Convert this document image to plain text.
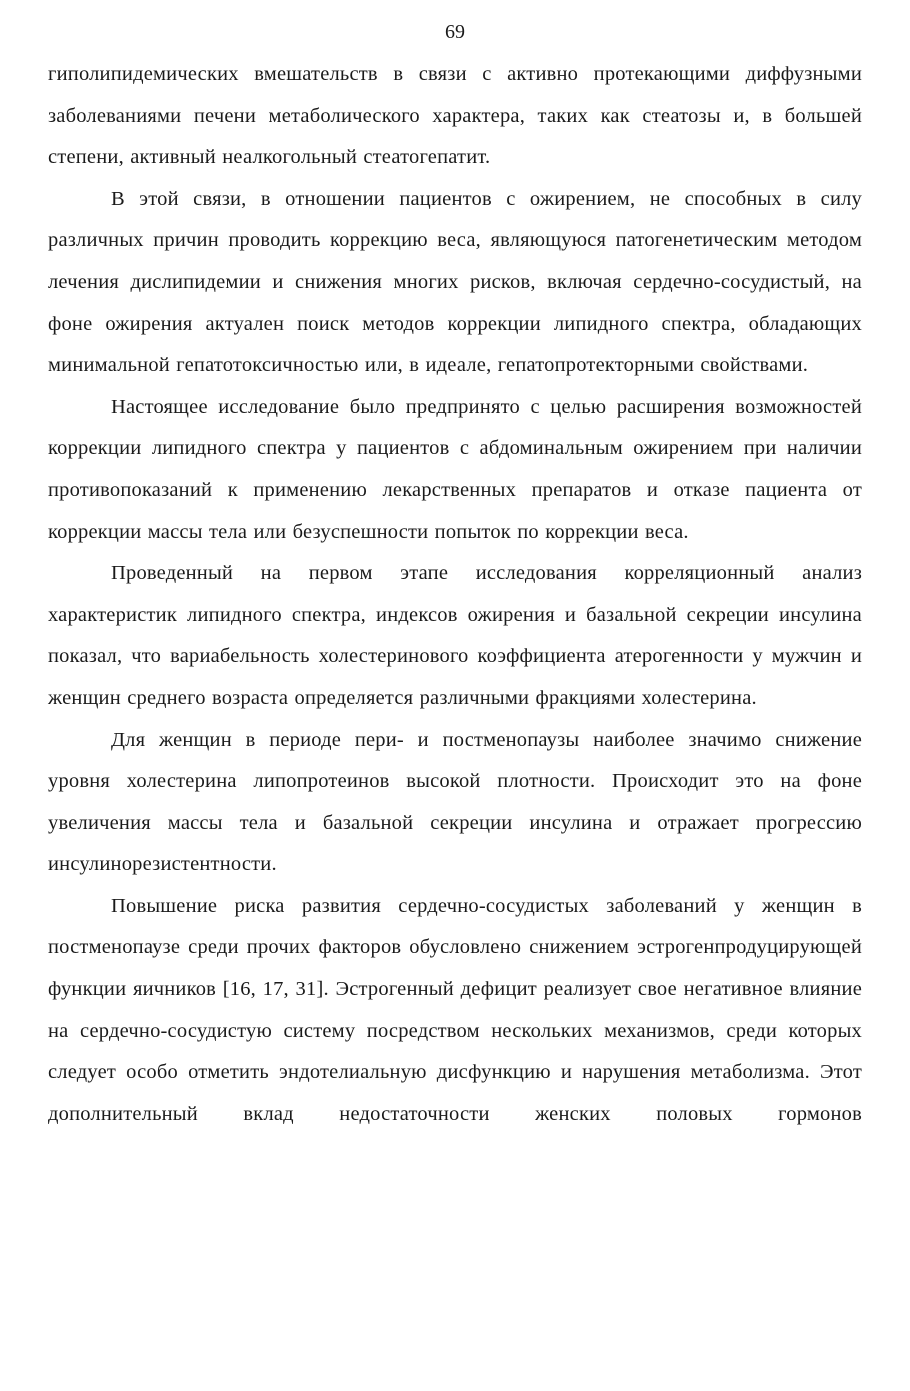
69

гиполипидемических вмешательств в связи с активно протекающими диффузными заболеваниями печени метаболического характера, таких как стеатозы и, в большей степени, активный неалкогольный стеатогепатит.

В этой связи, в отношении пациентов с ожирением, не способных в силу различных причин проводить коррекцию веса, являющуюся патогенетическим методом лечения дислипидемии и снижения многих рисков, включая сердечно-сосудистый, на фоне ожирения актуален поиск методов коррекции липидного спектра, обладающих минимальной гепатотоксичностью или, в идеале, гепатопротекторными свойствами.

Настоящее исследование было предпринято с целью расширения возможностей коррекции липидного спектра у пациентов с абдоминальным ожирением при наличии противопоказаний к применению лекарственных препаратов и отказе пациента от коррекции массы тела или безуспешности попыток по коррекции веса.

Проведенный на первом этапе исследования корреляционный анализ характеристик липидного спектра, индексов ожирения и базальной секреции инсулина показал, что вариабельность холестеринового коэффициента атерогенности у мужчин и женщин среднего возраста определяется различными фракциями холестерина.

Для женщин в периоде пери- и постменопаузы наиболее значимо снижение уровня холестерина липопротеинов высокой плотности. Происходит это на фоне увеличения массы тела и базальной секреции инсулина и отражает прогрессию инсулинорезистентности.

Повышение риска развития сердечно-сосудистых заболеваний у женщин в постменопаузе среди прочих факторов обусловлено снижением эстрогенпродуцирующей функции яичников [16, 17, 31]. Эстрогенный дефицит реализует свое негативное влияние на сердечно-сосудистую систему посредством нескольких механизмов, среди которых следует особо отметить эндотелиальную дисфункцию и нарушения метаболизма. Этот дополнительный вклад недостаточности женских половых гормонов
